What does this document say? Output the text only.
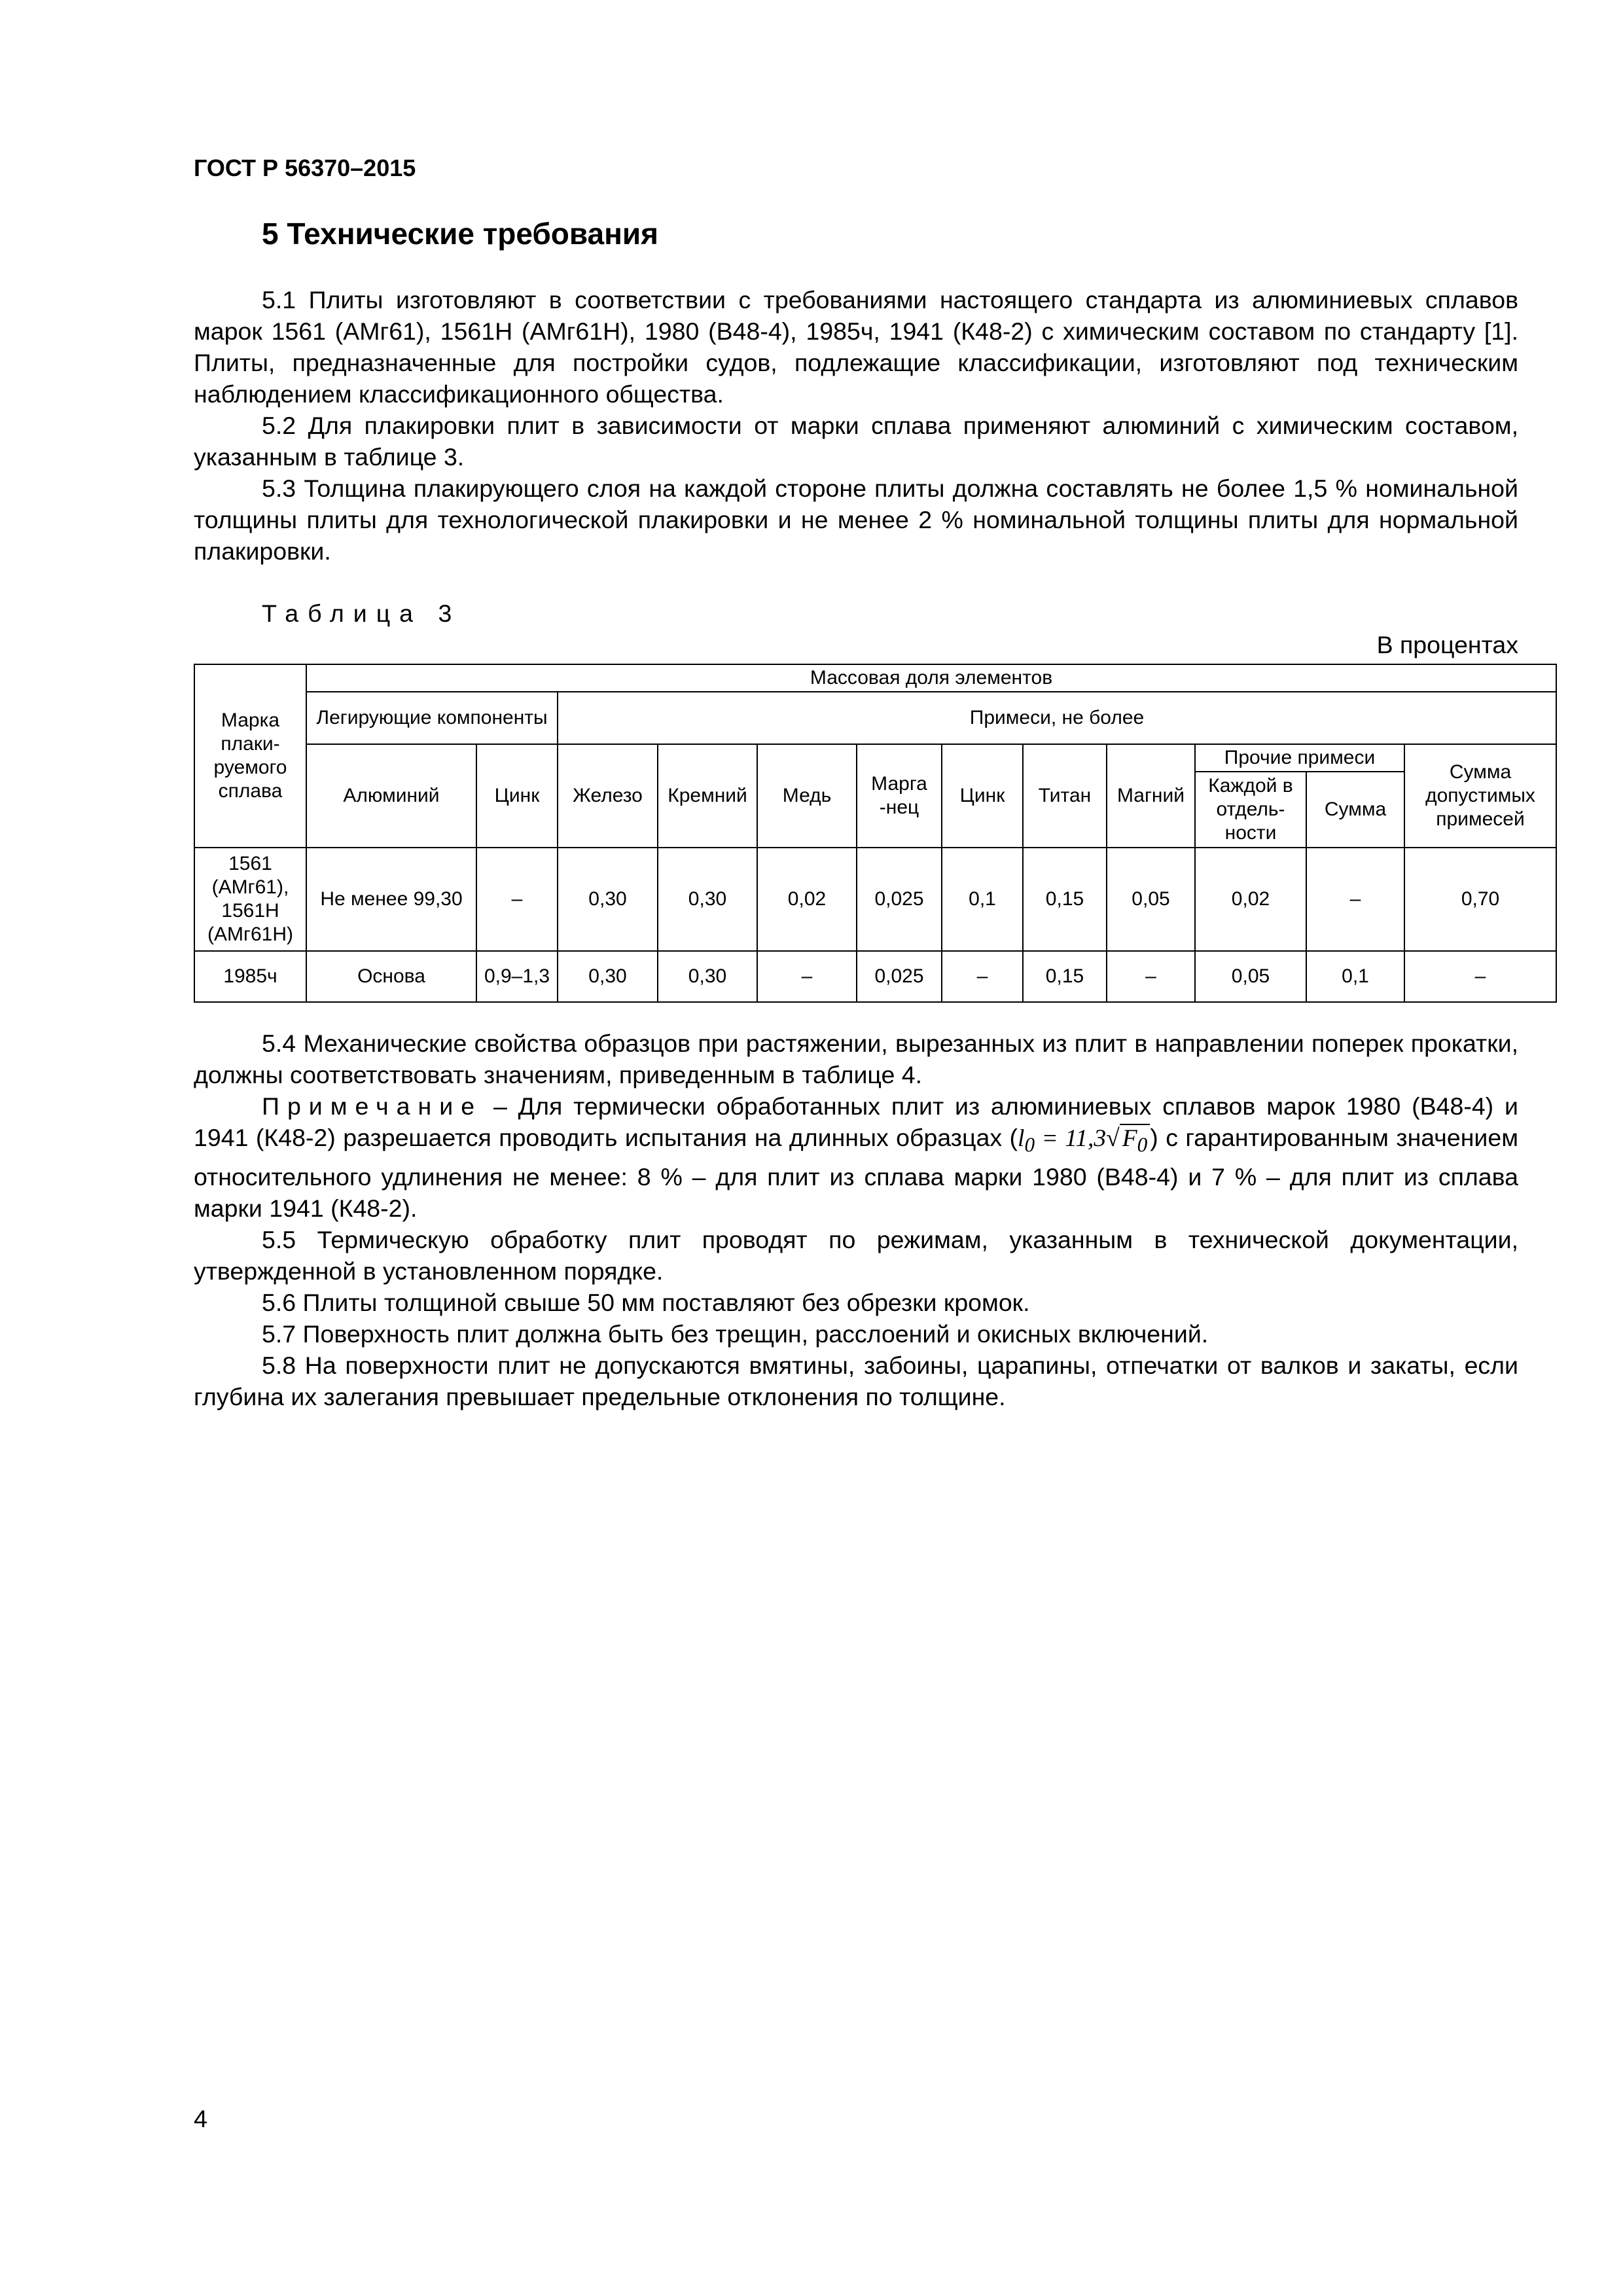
ГОСТ Р 56370–2015
5 Технические требования

5.1 Плиты изготовляют в соответствии с требованиями настоящего стандарта из алюминиевых сплавов марок 1561 (АМг61), 1561Н (АМг61Н), 1980 (В48-4), 1985ч, 1941 (К48-2) с химическим составом по стандарту [1]. Плиты, предназначенные для постройки судов, подлежащие классификации, изготовляют под техническим наблюдением классификационного общества.

5.2 Для плакировки плит в зависимости от марки сплава применяют алюминий с химическим составом, указанным в таблице 3.

5.3 Толщина плакирующего слоя на каждой стороне плиты должна составлять не более 1,5 % номинальной толщины плиты для технологической плакировки и не менее 2 % номинальной толщины плиты для нормальной плакировки.

Таблица 3
В процентах
Марка плаки-руемого сплава	Массовая доля элементов											
	Легирующие компоненты		Примеси, не более									
	Алюминий	Цинк	Железо	Кремний	Медь	Марга -нец	Цинк	Титан	Магний	Прочие примеси		Сумма допустимых примесей
										Каждой в отдель-ности	Сумма	
1561 (АМг61), 1561Н (АМг61Н)	Не менее 99,30	–	0,30	0,30	0,02	0,025	0,1	0,15	0,05	0,02	–	0,70
1985ч	Основа	0,9–1,3	0,30	0,30	–	0,025	–	0,15	–	0,05	0,1	–

5.4 Механические свойства образцов при растяжении, вырезанных из плит в направлении поперек прокатки, должны соответствовать значениям, приведенным в таблице 4.

Примечание – Для термически обработанных плит из алюминиевых сплавов марок 1980 (В48-4) и 1941 (К48-2) разрешается проводить испытания на длинных образцах ($l_0 = 11,3√$ $F_0$ ) с гарантированным значением относительного удлинения не менее: 8 % – для плит из сплава марки 1980 (В48-4) и 7 % – для плит из сплава марки 1941 (К48-2).

5.5 Термическую обработку плит проводят по режимам, указанным в технической документации, утвержденной в установленном порядке.

5.6 Плиты толщиной свыше 50 мм поставляют без обрезки кромок.

5.7 Поверхность плит должна быть без трещин, расслоений и окисных включений.

5.8 На поверхности плит не допускаются вмятины, забоины, царапины, отпечатки от валков и закаты, если глубина их залегания превышает предельные отклонения по толщине.

4
